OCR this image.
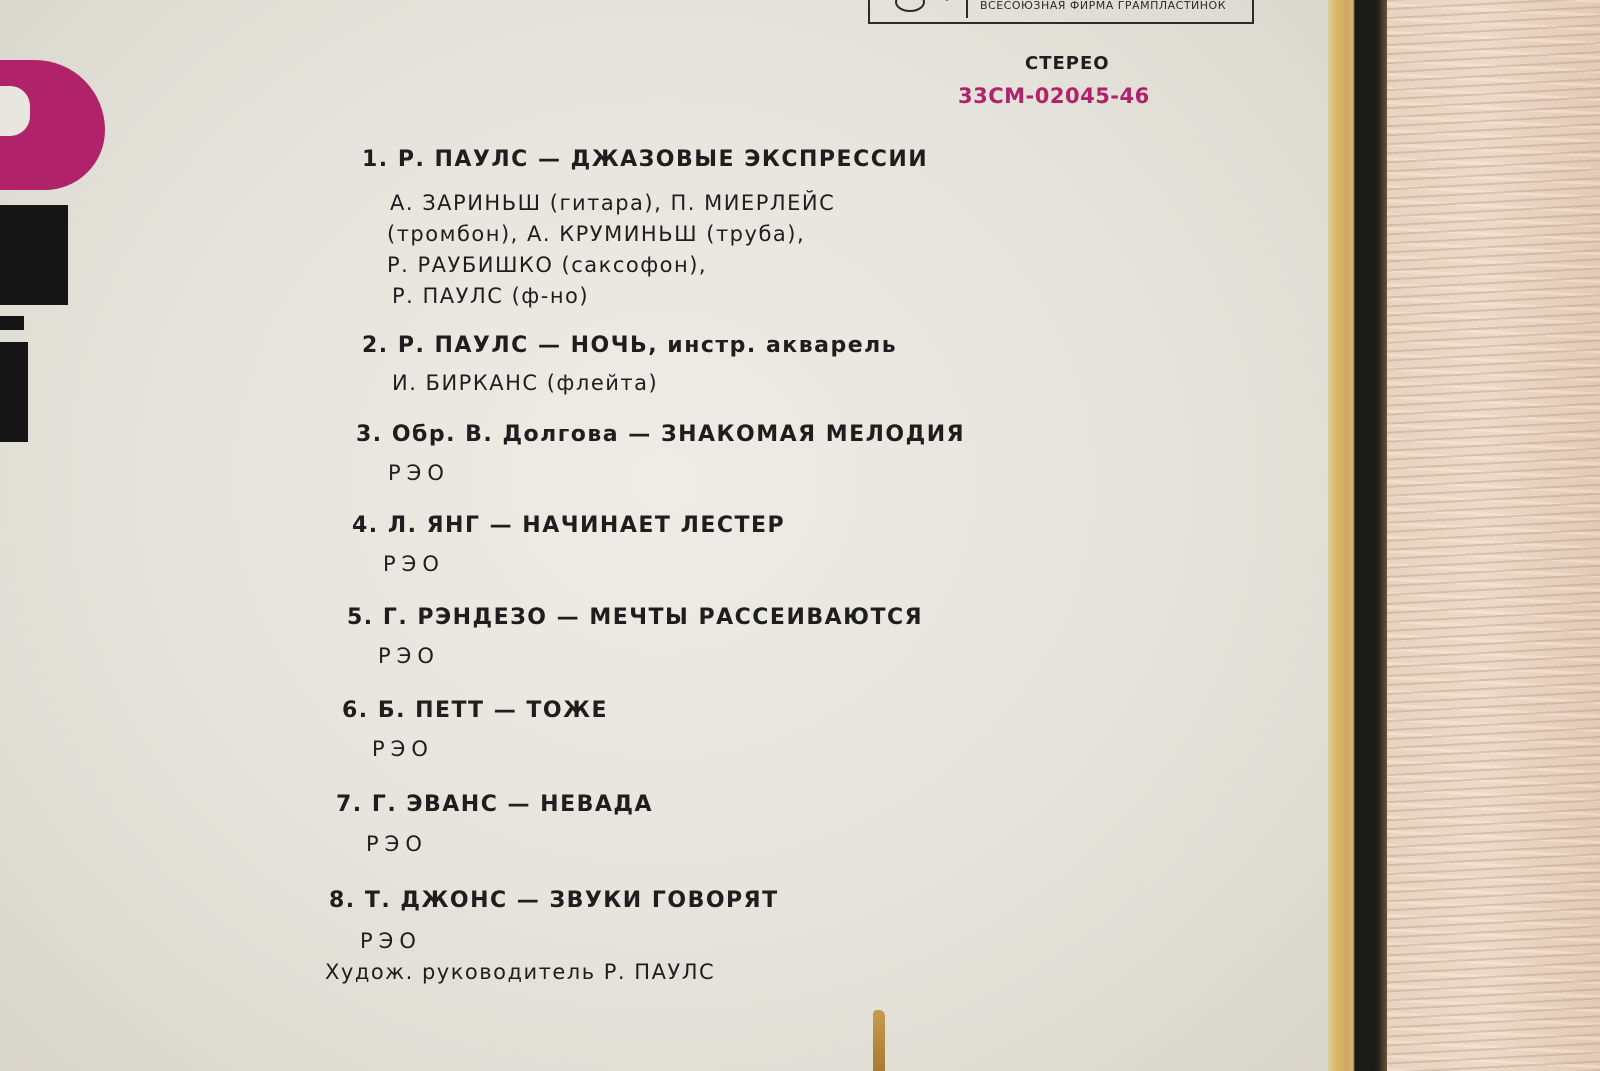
ВСЕСОЮЗНАЯ ФИРМА ГРАМПЛАСТИНОК
СТЕРЕО
33СМ-02045-46
1. Р. ПАУЛС — ДЖАЗОВЫЕ ЭКСПРЕССИИ
А. ЗАРИНЬШ (гитара), П. МИЕРЛЕЙС
(тромбон), А. КРУМИНЬШ (труба),
Р. РАУБИШКО (саксофон),
Р. ПАУЛС (ф-но)
2. Р. ПАУЛС — НОЧЬ, инстр. акварель
И. БИРКАНС (флейта)
3. Обр. В. Долгова — ЗНАКОМАЯ МЕЛОДИЯ
РЭО
4. Л. ЯНГ — НАЧИНАЕТ ЛЕСТЕР
РЭО
5. Г. РЭНДЕЗО — МЕЧТЫ РАССЕИВАЮТСЯ
РЭО
6. Б. ПЕТТ — ТОЖЕ
РЭО
7. Г. ЭВАНС — НЕВАДА
РЭО
8. Т. ДЖОНС — ЗВУКИ ГОВОРЯТ
РЭО
Худож. руководитель Р. ПАУЛС
